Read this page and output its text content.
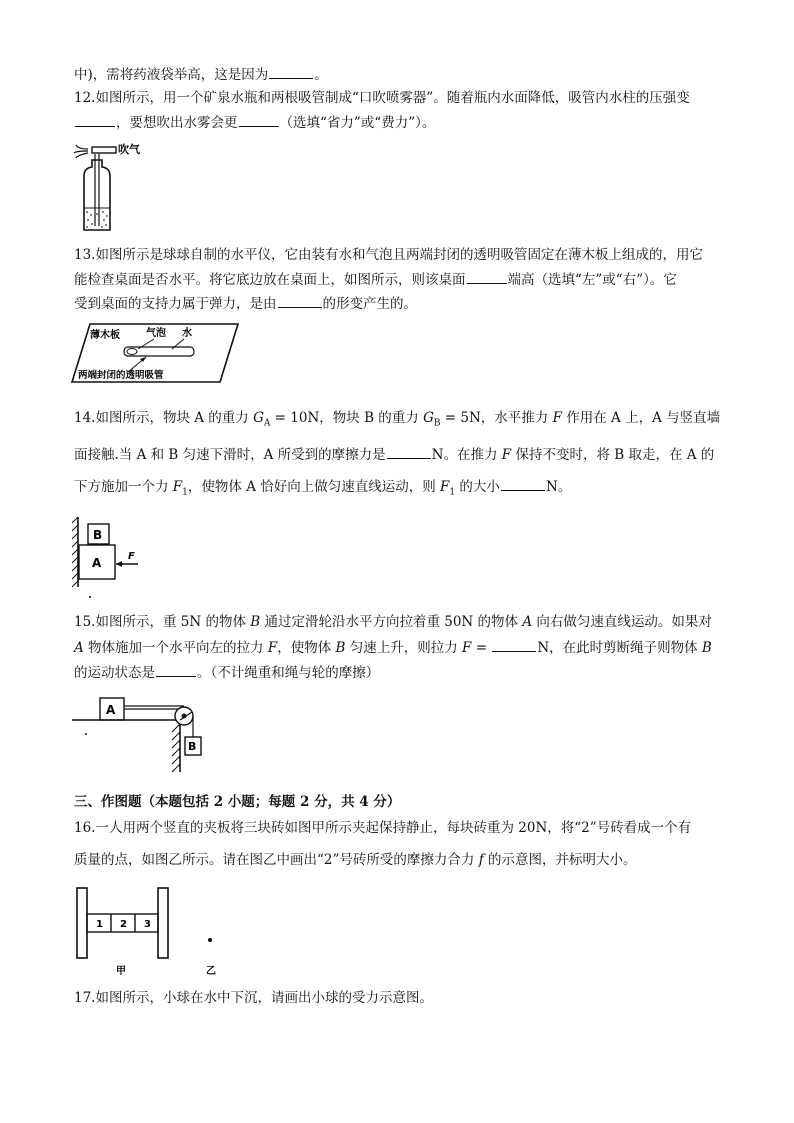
中)，需将药液袋举高，这是因为	。
12.如图所示，用一个矿泉水瓶和两根吸管制成“口吹喷雾器”。随着瓶内水面降低，吸管内水柱的压强变
，要想吹出水雾会更	（选填“省力”或“费力”）。
吹气
13.如图所示是球球自制的水平仪，它由装有水和气泡且两端封闭的透明吸管固定在薄木板上组成的，用它
能检查桌面是否水平。将它底边放在桌面上，如图所示，则该桌面	端高（选填“左”或“右”）。它
受到桌面的支持力属于弹力，是由	的形变产生的。
薄木板	气泡 水
两端封闭的透明吸管
14.如图所示，物块 A 的重力 $G_A = 10N$，物块 B 的重力 $G_B = 5N$，水平推力 F 作用在 A 上，A 与竖直墙
面接触.当 A 和 B 匀速下滑时，A 所受到的摩擦力是	N。在推力 F 保持不变时，将 B 取走，在 A 的
下方施加一个力 $F_1$，使物体 A 恰好向上做匀速直线运动，则 $F_1$ 的大小	N。
B
A	F
15.如图所示，重 5N 的物体 B 通过定滑轮沿水平方向拉着重 50N 的物体 A 向右做匀速直线运动。如果对
A 物体施加一个水平向左的拉力 F，使物体 B 匀速上升，则拉力 F =	N，在此时剪断绳子则物体 B
的运动状态是	。（不计绳重和绳与轮的摩擦）
A
B
三、作图题（本题包括 2 小题；每题 2 分，共 4 分）
16.一人用两个竖直的夹板将三块砖如图甲所示夹起保持静止，每块砖重为 20N，将“2”号砖看成一个有
质量的点，如图乙所示。请在图乙中画出“2”号砖所受的摩擦力合力 f 的示意图，并标明大小。
1 2 3
甲	乙
17.如图所示，小球在水中下沉，请画出小球的受力示意图。
